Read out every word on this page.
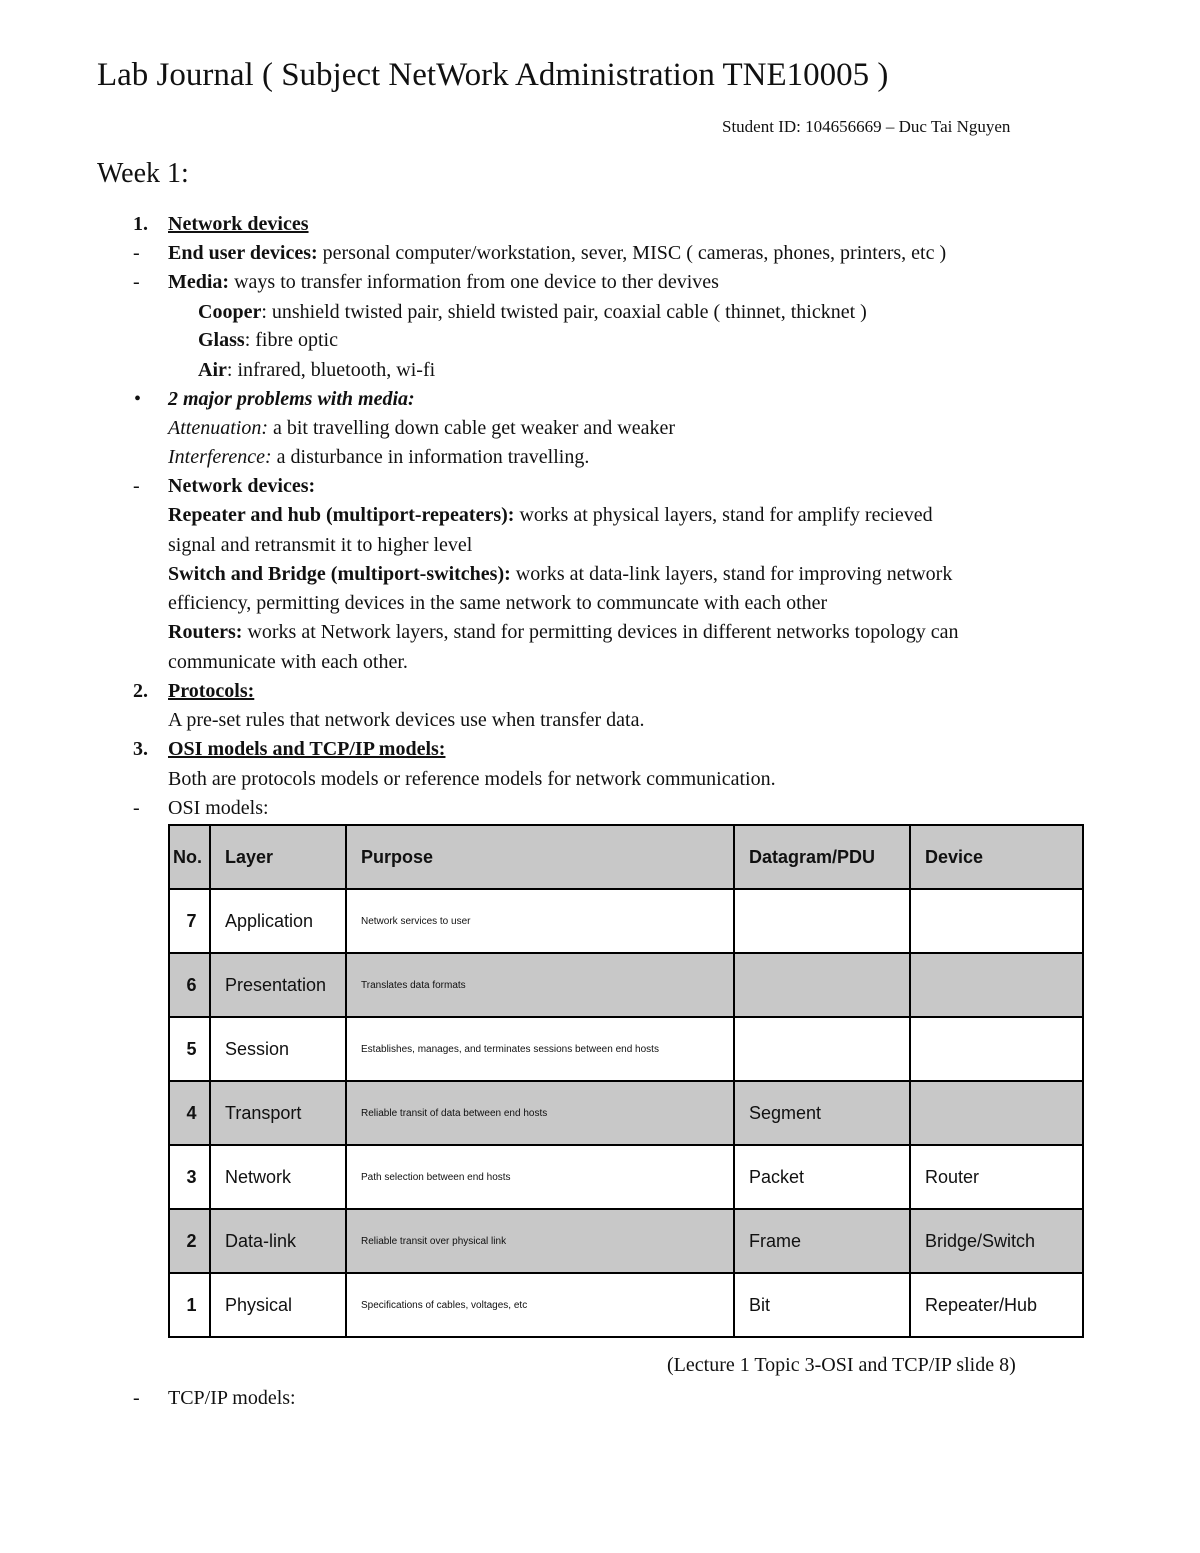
Lab Journal ( Subject NetWork Administration TNE10005 )
Student ID: 104656669 – Duc Tai Nguyen
Week 1:
1. Network devices
- End user devices: personal computer/workstation, sever, MISC ( cameras, phones, printers, etc )
- Media: ways to transfer information from one device to ther devives
Cooper: unshield twisted pair, shield twisted pair, coaxial cable ( thinnet, thicknet )
Glass: fibre optic
Air: infrared, bluetooth, wi-fi
• 2 major problems with media:
Attenuation: a bit travelling down cable get weaker and weaker
Interference: a disturbance in information travelling.
- Network devices:
Repeater and hub (multiport-repeaters): works at physical layers, stand for amplify recieved
signal and retransmit it to higher level
Switch and Bridge (multiport-switches): works at data-link layers, stand for improving network
efficiency, permitting devices in the same network to communcate with each other
Routers: works at Network layers, stand for permitting devices in different networks topology can
communicate with each other.
2. Protocols:
A pre-set rules that network devices use when transfer data.
3. OSI models and TCP/IP models:
Both are protocols models or reference models for network communication.
- OSI models:
No.	Layer	Purpose	Datagram/PDU	Device
7	Application	Network services to user		
6	Presentation	Translates data formats		
5	Session	Establishes, manages, and terminates sessions between end hosts		
4	Transport	Reliable transit of data between end hosts	Segment	
3	Network	Path selection between end hosts	Packet	Router
2	Data-link	Reliable transit over physical link	Frame	Bridge/Switch
1	Physical	Specifications of cables, voltages, etc	Bit	Repeater/Hub
(Lecture 1 Topic 3-OSI and TCP/IP slide 8)
- TCP/IP models:
